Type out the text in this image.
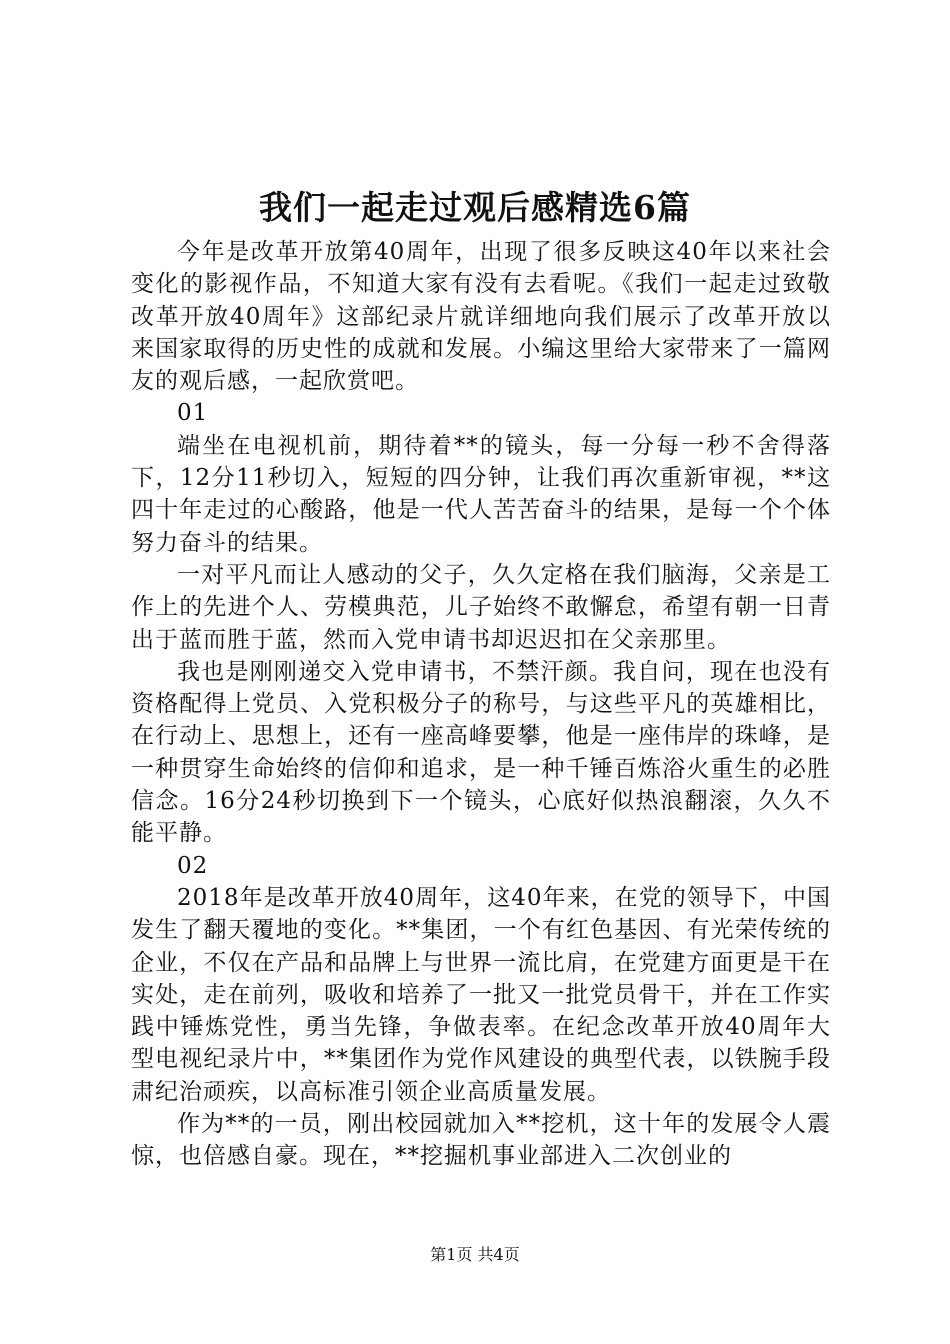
我们一起走过观后感精选6篇

今年是改革开放第40周年，出现了很多反映这40年以来社会变化的影视作品，不知道大家有没有去看呢。《我们一起走过致敬改革开放40周年》这部纪录片就详细地向我们展示了改革开放以来国家取得的历史性的成就和发展。小编这里给大家带来了一篇网友的观后感，一起欣赏吧。

01

端坐在电视机前，期待着**的镜头，每一分每一秒不舍得落下，12分11秒切入，短短的四分钟，让我们再次重新审视，**这四十年走过的心酸路，他是一代人苦苦奋斗的结果，是每一个个体努力奋斗的结果。

一对平凡而让人感动的父子，久久定格在我们脑海，父亲是工作上的先进个人、劳模典范，儿子始终不敢懈怠，希望有朝一日青出于蓝而胜于蓝，然而入党申请书却迟迟扣在父亲那里。

我也是刚刚递交入党申请书，不禁汗颜。我自问，现在也没有资格配得上党员、入党积极分子的称号，与这些平凡的英雄相比，在行动上、思想上，还有一座高峰要攀，他是一座伟岸的珠峰，是一种贯穿生命始终的信仰和追求，是一种千锤百炼浴火重生的必胜信念。16分24秒切换到下一个镜头，心底好似热浪翻滚，久久不能平静。

02

2018年是改革开放40周年，这40年来，在党的领导下，中国发生了翻天覆地的变化。**集团，一个有红色基因、有光荣传统的企业，不仅在产品和品牌上与世界一流比肩，在党建方面更是干在实处，走在前列，吸收和培养了一批又一批党员骨干，并在工作实践中锤炼党性，勇当先锋，争做表率。在纪念改革开放40周年大型电视纪录片中，**集团作为党作风建设的典型代表，以铁腕手段肃纪治顽疾，以高标准引领企业高质量发展。

作为**的一员，刚出校园就加入**挖机，这十年的发展令人震惊，也倍感自豪。现在，**挖掘机事业部进入二次创业的

第1页 共4页
